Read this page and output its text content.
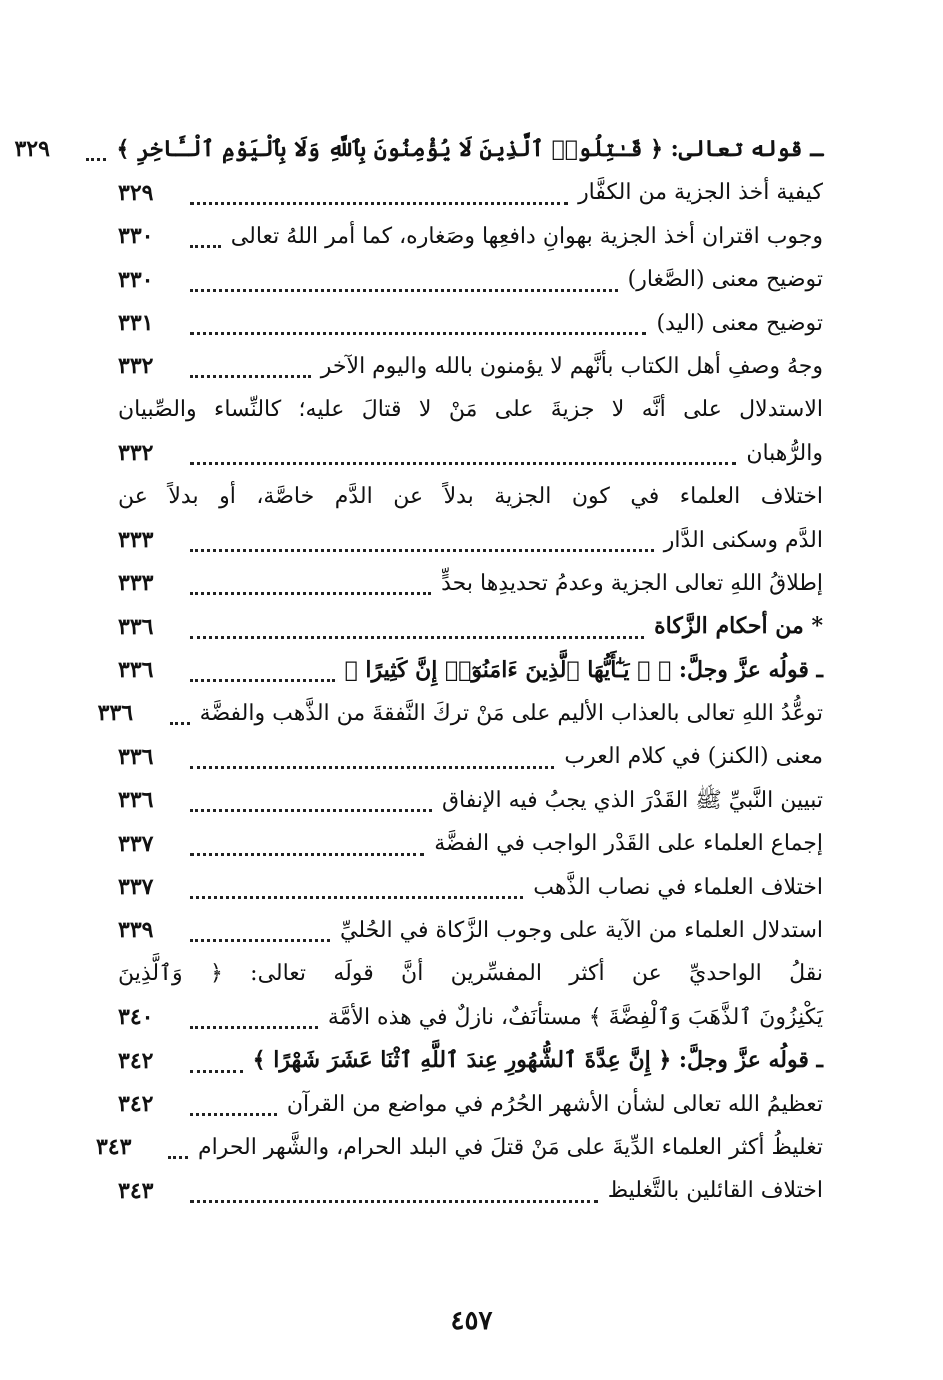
ـ قوله تعالى: ﴿ قَـٰتِلُوا۟ ٱلَّذِينَ لَا يُؤْمِنُونَ بِٱللَّهِ وَلَا بِٱلْيَوْمِ ٱلْـَٔاخِرِ ﴾
٣٢٩
كيفية أخذ الجزية من الكفَّار
٣٢٩
وجوب اقتران أخذ الجزية بهوانِ دافعِها وصَغاره، كما أمر اللهُ تعالى
٣٣٠
توضيح معنى (الصَّغار)
٣٣٠
توضيح معنى (اليد)
٣٣١
وجهُ وصفِ أهل الكتاب بأنَّهم لا يؤمنون بالله واليوم الآخر
٣٣٢
الاستدلال على أنَّه لا جزيةَ على مَنْ لا قتالَ عليه؛ كالنِّساء والصِّبيان
والرُّهبان
٣٣٢
اختلاف العلماء في كون الجزية بدلاً عن الدَّم خاصَّة، أو بدلاً عن
الدَّم وسكنى الدَّار
٣٣٣
إطلاقُ اللهِ تعالى الجزية وعدمُ تحديدِها بحدٍّ
٣٣٣
* من أحكام الزَّكاة
٣٣٦
ـ قولُه عزَّ وجلَّ: ﴿ ۞ يَـٰٓأَيُّهَا ٱلَّذِينَ ءَامَنُوٓا۟ إِنَّ كَثِيرًا ﴾
٣٣٦
توعُّدُ اللهِ تعالى بالعذاب الأليم على مَنْ تركَ النَّفقةَ من الذَّهب والفضَّة
٣٣٦
معنى (الكنز) في كلام العرب
٣٣٦
تبيين النَّبيِّ ﷺ القَدْرَ الذي يجبُ فيه الإنفاق
٣٣٦
إجماع العلماء على القَدْر الواجب في الفضَّة
٣٣٧
اختلاف العلماء في نصاب الذَّهب
٣٣٧
استدلال العلماء من الآية على وجوب الزَّكاة في الحُليِّ
٣٣٩
نقلُ الواحديِّ عن أكثر المفسِّرين أنَّ قولَه تعالى: ﴿ وَٱلَّذِينَ
يَكْنِزُونَ ٱلذَّهَبَ وَٱلْفِضَّةَ ﴾ مستأنَفٌ، نازلٌ في هذه الأمَّة
٣٤٠
ـ قولُه عزَّ وجلَّ: ﴿ إِنَّ عِدَّةَ ٱلشُّهُورِ عِندَ ٱللَّهِ ٱثْنَا عَشَرَ شَهْرًا ﴾
٣٤٢
تعظيمُ الله تعالى لشأن الأشهر الحُرُم في مواضع من القرآن
٣٤٢
تغليظُ أكثر العلماء الدِّيةَ على مَنْ قتلَ في البلد الحرام، والشَّهر الحرام
٣٤٣
اختلاف القائلين بالتَّغليظ
٣٤٣
٤٥٧
